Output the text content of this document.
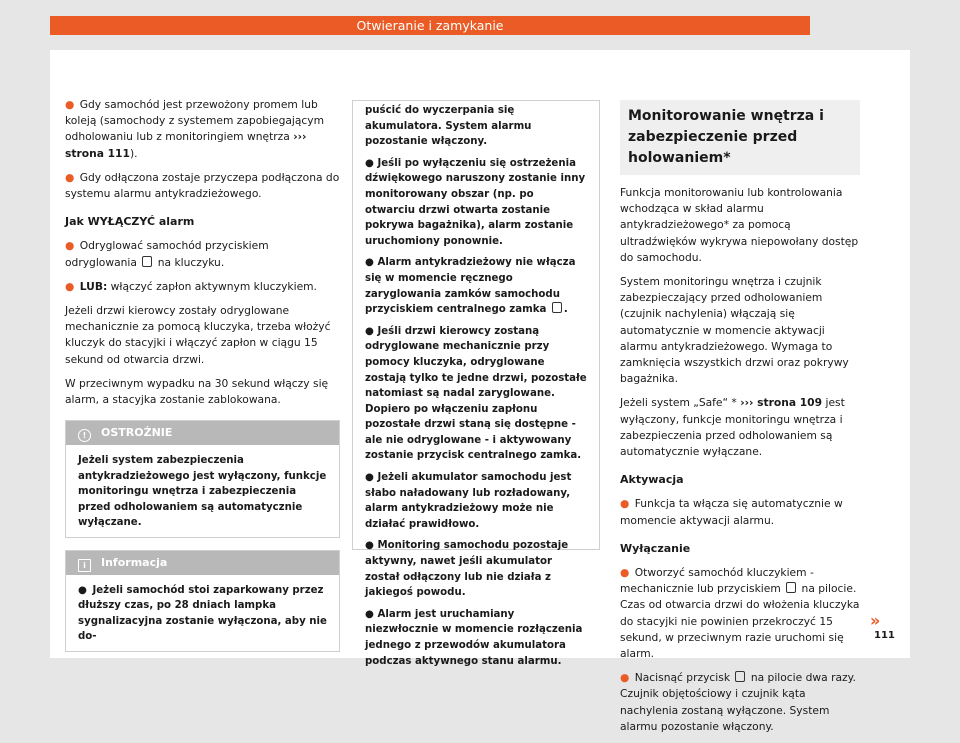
Otwieranie i zamykanie

● Gdy samochód jest przewożony promem lub koleją (samochody z systemem zapobiegającym odholowaniu lub z monitoringiem wnętrza ››› strona 111).

● Gdy odłączona zostaje przyczepa podłączona do systemu alarmu antykradzieżowego.

Jak WYŁĄCZYĆ alarm

● Odryglować samochód przyciskiem odryglowania na kluczyku.

● LUB: włączyć zapłon aktywnym kluczykiem.

Jeżeli drzwi kierowcy zostały odryglowane mechanicznie za pomocą kluczyka, trzeba włożyć kluczyk do stacyjki i włączyć zapłon w ciągu 15 sekund od otwarcia drzwi.

W przeciwnym wypadku na 30 sekund włączy się alarm, a stacyjka zostanie zablokowana.

! OSTROŻNIE
Jeżeli system zabezpieczenia antykradzieżowego jest wyłączony, funkcje monitoringu wnętrza i zabezpieczenia przed odholowaniem są automatycznie wyłączane.
i Informacja
● Jeżeli samochód stoi zaparkowany przez dłuższy czas, po 28 dniach lampka sygnalizacyjna zostanie wyłączona, aby nie do-

puścić do wyczerpania się akumulatora. System alarmu pozostanie włączony.

● Jeśli po wyłączeniu się ostrzeżenia dźwiękowego naruszony zostanie inny monitorowany obszar (np. po otwarciu drzwi otwarta zostanie pokrywa bagażnika), alarm zostanie uruchomiony ponownie.

● Alarm antykradzieżowy nie włącza się w momencie ręcznego zaryglowania zamków samochodu przyciskiem centralnego zamka .

● Jeśli drzwi kierowcy zostaną odryglowane mechanicznie przy pomocy kluczyka, odryglowane zostają tylko te jedne drzwi, pozostałe natomiast są nadal zaryglowane. Dopiero po włączeniu zapłonu pozostałe drzwi staną się dostępne - ale nie odryglowane - i aktywowany zostanie przycisk centralnego zamka.

● Jeżeli akumulator samochodu jest słabo naładowany lub rozładowany, alarm antykradzieżowy może nie działać prawidłowo.

● Monitoring samochodu pozostaje aktywny, nawet jeśli akumulator został odłączony lub nie działa z jakiegoś powodu.

● Alarm jest uruchamiany niezwłocznie w momencie rozłączenia jednego z przewodów akumulatora podczas aktywnego stanu alarmu.

Monitorowanie wnętrza i zabezpieczenie przed holowaniem*

Funkcja monitorowaniu lub kontrolowania wchodząca w skład alarmu antykradzieżowego* za pomocą ultradźwięków wykrywa niepowołany dostęp do samochodu.

System monitoringu wnętrza i czujnik zabezpieczający przed odholowaniem (czujnik nachylenia) włączają się automatycznie w momencie aktywacji alarmu antykradzieżowego. Wymaga to zamknięcia wszystkich drzwi oraz pokrywy bagażnika.

Jeżeli system „Safe“ * ››› strona 109 jest wyłączony, funkcje monitoringu wnętrza i zabezpieczenia przed odholowaniem są automatycznie wyłączane.

Aktywacja

● Funkcja ta włącza się automatycznie w momencie aktywacji alarmu.

Wyłączanie

● Otworzyć samochód kluczykiem - mechanicznie lub przyciskiem na pilocie. Czas od otwarcia drzwi do włożenia kluczyka do stacyjki nie powinien przekroczyć 15 sekund, w przeciwnym razie uruchomi się alarm.

● Nacisnąć przycisk na pilocie dwa razy. Czujnik objętościowy i czujnik kąta nachylenia zostaną wyłączone. System alarmu pozostanie włączony.

»
111
